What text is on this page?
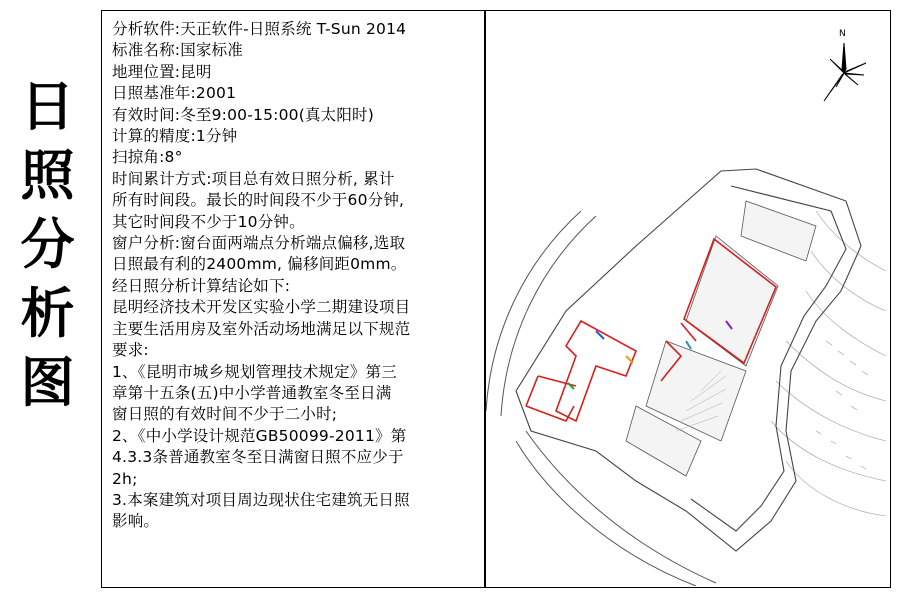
日
照
分
析
图
分析软件:天正软件-日照系统 T-Sun 2014
标准名称:国家标准
地理位置:昆明
日照基准年:2001
有效时间:冬至9:00-15:00(真太阳时)
计算的精度:1分钟
扫掠角:8°
时间累计方式:项目总有效日照分析, 累计
所有时间段。最长的时间段不少于60分钟,
其它时间段不少于10分钟。
窗户分析:窗台面两端点分析端点偏移,选取
日照最有利的2400mm, 偏移间距0mm。
经日照分析计算结论如下:
昆明经济技术开发区实验小学二期建设项目
主要生活用房及室外活动场地满足以下规范
要求:
1、《昆明市城乡规划管理技术规定》第三
章第十五条(五)中小学普通教室冬至日满
窗日照的有效时间不少于二小时;
2、《中小学设计规范GB50099-2011》第
4.3.3条普通教室冬至日满窗日照不应少于
2h;
3.本案建筑对项目周边现状住宅建筑无日照
影响。
N
